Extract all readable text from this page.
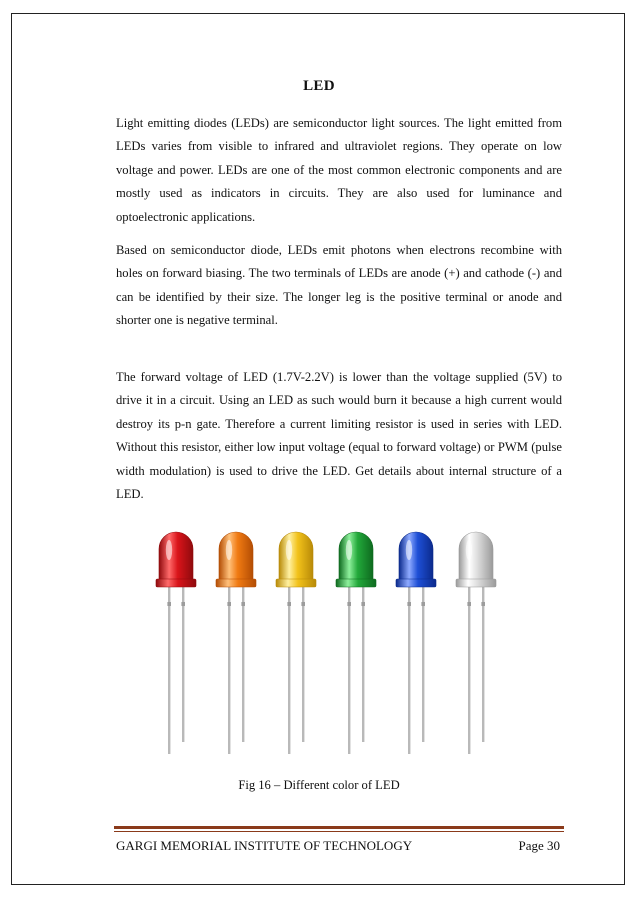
LED
Light emitting diodes (LEDs) are semiconductor light sources. The light emitted from LEDs varies from visible to infrared and ultraviolet regions. They operate on low voltage and power. LEDs are one of the most common electronic components and are mostly used as indicators in circuits. They are also used for luminance and optoelectronic applications.
Based on semiconductor diode, LEDs emit photons when electrons recombine with holes on forward biasing. The two terminals of LEDs are anode (+) and cathode (-) and can be identified by their size. The longer leg is the positive terminal or anode and shorter one is negative terminal.
The forward voltage of LED (1.7V-2.2V) is lower than the voltage supplied (5V) to drive it in a circuit. Using an LED as such would burn it because a high current would destroy its p-n gate. Therefore a current limiting resistor is used in series with LED. Without this resistor, either low input voltage (equal to forward voltage) or PWM (pulse width modulation) is used to drive the LED. Get details about internal structure of a LED.
Fig 16 – Different color of LED
GARGI MEMORIAL INSTITUTE OF TECHNOLOGY	Page 30
